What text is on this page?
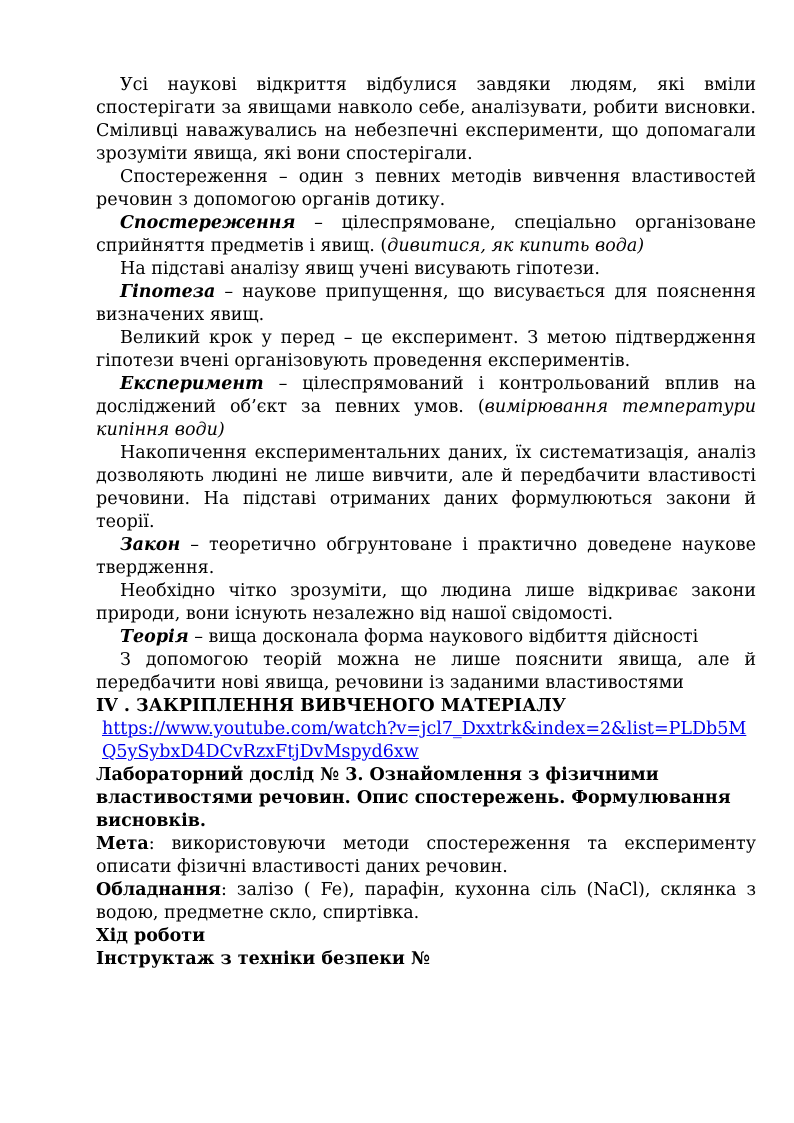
Усі наукові відкриття відбулися завдяки людям, які вміли спостерігати за явищами навколо себе, аналізувати, робити висновки. Сміливці наважувались на небезпечні експерименти, що допомагали зрозуміти явища, які вони спостерігали.

Спостереження – один з певних методів вивчення властивостей речовин з допомогою органів дотику.

Спостереження – цілеспрямоване, спеціально організоване сприйняття предметів і явищ. (дивитися, як кипить вода)

На підставі аналізу явищ учені висувають гіпотези.

Гіпотеза – наукове припущення, що висувається для пояснення визначених явищ.

Великий крок у перед – це експеримент. З метою підтвердження гіпотези вчені організовують проведення експериментів.

Експеримент – цілеспрямований і контрольований вплив на досліджений об’єкт за певних умов. (вимірювання температури кипіння води)

Накопичення експериментальних даних, їх систематизація, аналіз дозволяють людині не лише вивчити, але й передбачити властивості речовини. На підставі отриманих даних формулюються закони й теорії.

Закон – теоретично обгрунтоване і практично доведене наукове твердження.

Необхідно чітко зрозуміти, що людина лише відкриває закони природи, вони існують незалежно від нашої свідомості.

Теорія – вища досконала форма наукового відбиття дійсності

З допомогою теорій можна не лише пояснити явища, але й передбачити нові явища, речовини із заданими властивостями

IV . ЗАКРІПЛЕННЯ ВИВЧЕНОГО МАТЕРІАЛУ
https://www.youtube.com/watch?v=jcl7_Dxxtrk&index=2&list=PLDb5MQ5ySybxD4DCvRzxFtjDvMspyd6xw
Лабораторний дослід № 3. Ознайомлення з фізичними властивостями речовин. Опис спостережень. Формулювання висновків.

Мета: використовуючи методи спостереження та експерименту описати фізичні властивості даних речовин.

Обладнання: залізо ( Fe), парафін, кухонна сіль (NaCl), склянка з водою, предметне скло, спиртівка.

Хід роботи
Інструктаж з техніки безпеки №
